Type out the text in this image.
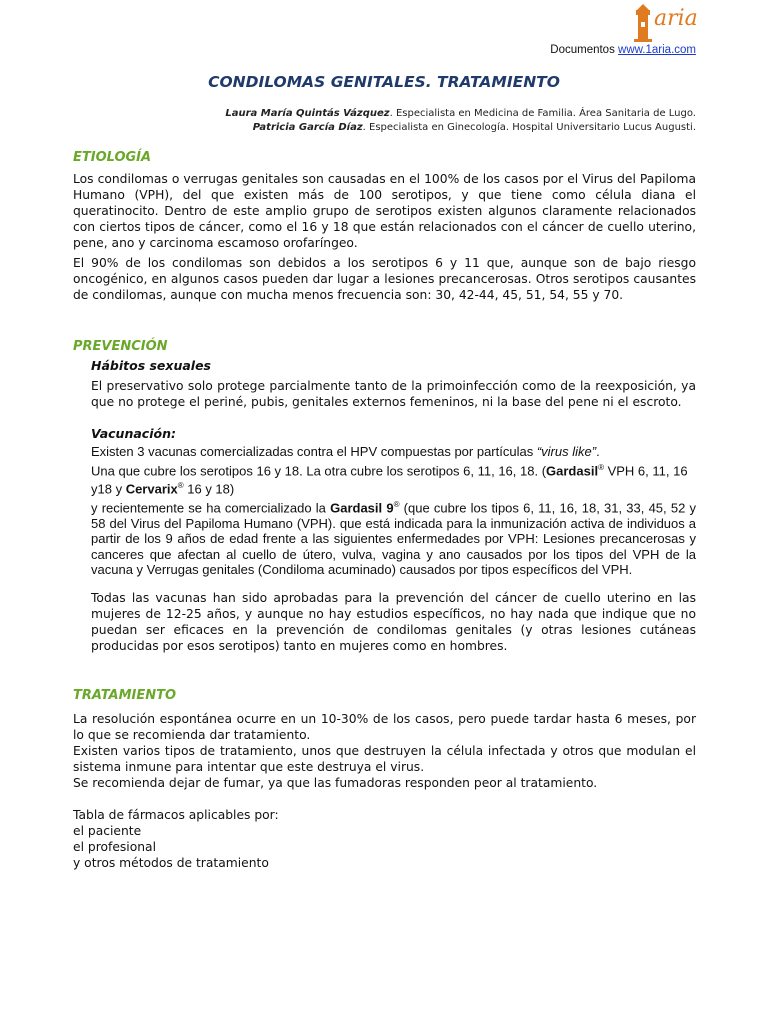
aria
Documentos www.1aria.com
CONDILOMAS GENITALES. TRATAMIENTO
Laura María Quintás Vázquez. Especialista en Medicina de Familia. Área Sanitaria de Lugo.
Patricia García Díaz. Especialista en Ginecología. Hospital Universitario Lucus Augusti.
ETIOLOGÍA
Los condilomas o verrugas genitales son causadas en el 100% de los casos por el Virus del Papiloma Humano (VPH), del que existen más de 100 serotipos, y que tiene como célula diana el queratinocito. Dentro de este amplio grupo de serotipos existen algunos claramente relacionados con ciertos tipos de cáncer, como el 16 y 18 que están relacionados con el cáncer de cuello uterino, pene, ano y carcinoma escamoso orofaríngeo.
El 90% de los condilomas son debidos a los serotipos 6 y 11 que, aunque son de bajo riesgo oncogénico, en algunos casos pueden dar lugar a lesiones precancerosas. Otros serotipos causantes de condilomas, aunque con mucha menos frecuencia son: 30, 42-44, 45, 51, 54, 55 y 70.
PREVENCIÓN
Hábitos sexuales
El preservativo solo protege parcialmente tanto de la primoinfección como de la reexposición, ya que no protege el periné, pubis, genitales externos femeninos, ni la base del pene ni el escroto.
Vacunación:
Existen 3 vacunas comercializadas contra el HPV compuestas por partículas “virus like”.
Una que cubre los serotipos 16 y 18. La otra cubre los serotipos 6, 11, 16, 18. (Gardasil® VPH 6, 11, 16 y18 y Cervarix® 16 y 18)
y recientemente se ha comercializado la Gardasil 9® (que cubre los tipos 6, 11, 16, 18, 31, 33, 45, 52 y 58 del Virus del Papiloma Humano (VPH). que está indicada para la inmunización activa de individuos a partir de los 9 años de edad frente a las siguientes enfermedades por VPH: Lesiones precancerosas y canceres que afectan al cuello de útero, vulva, vagina y ano causados por los tipos del VPH de la vacuna y Verrugas genitales (Condiloma acuminado) causados por tipos específicos del VPH.
Todas las vacunas han sido aprobadas para la prevención del cáncer de cuello uterino en las mujeres de 12-25 años, y aunque no hay estudios específicos, no hay nada que indique que no puedan ser eficaces en la prevención de condilomas genitales (y otras lesiones cutáneas producidas por esos serotipos) tanto en mujeres como en hombres.
TRATAMIENTO
La resolución espontánea ocurre en un 10-30% de los casos, pero puede tardar hasta 6 meses, por lo que se recomienda dar tratamiento.
Existen varios tipos de tratamiento, unos que destruyen la célula infectada y otros que modulan el sistema inmune para intentar que este destruya el virus.
Se recomienda dejar de fumar, ya que las fumadoras responden peor al tratamiento.
Tabla de fármacos aplicables por:
el paciente
el profesional
y otros métodos de tratamiento
